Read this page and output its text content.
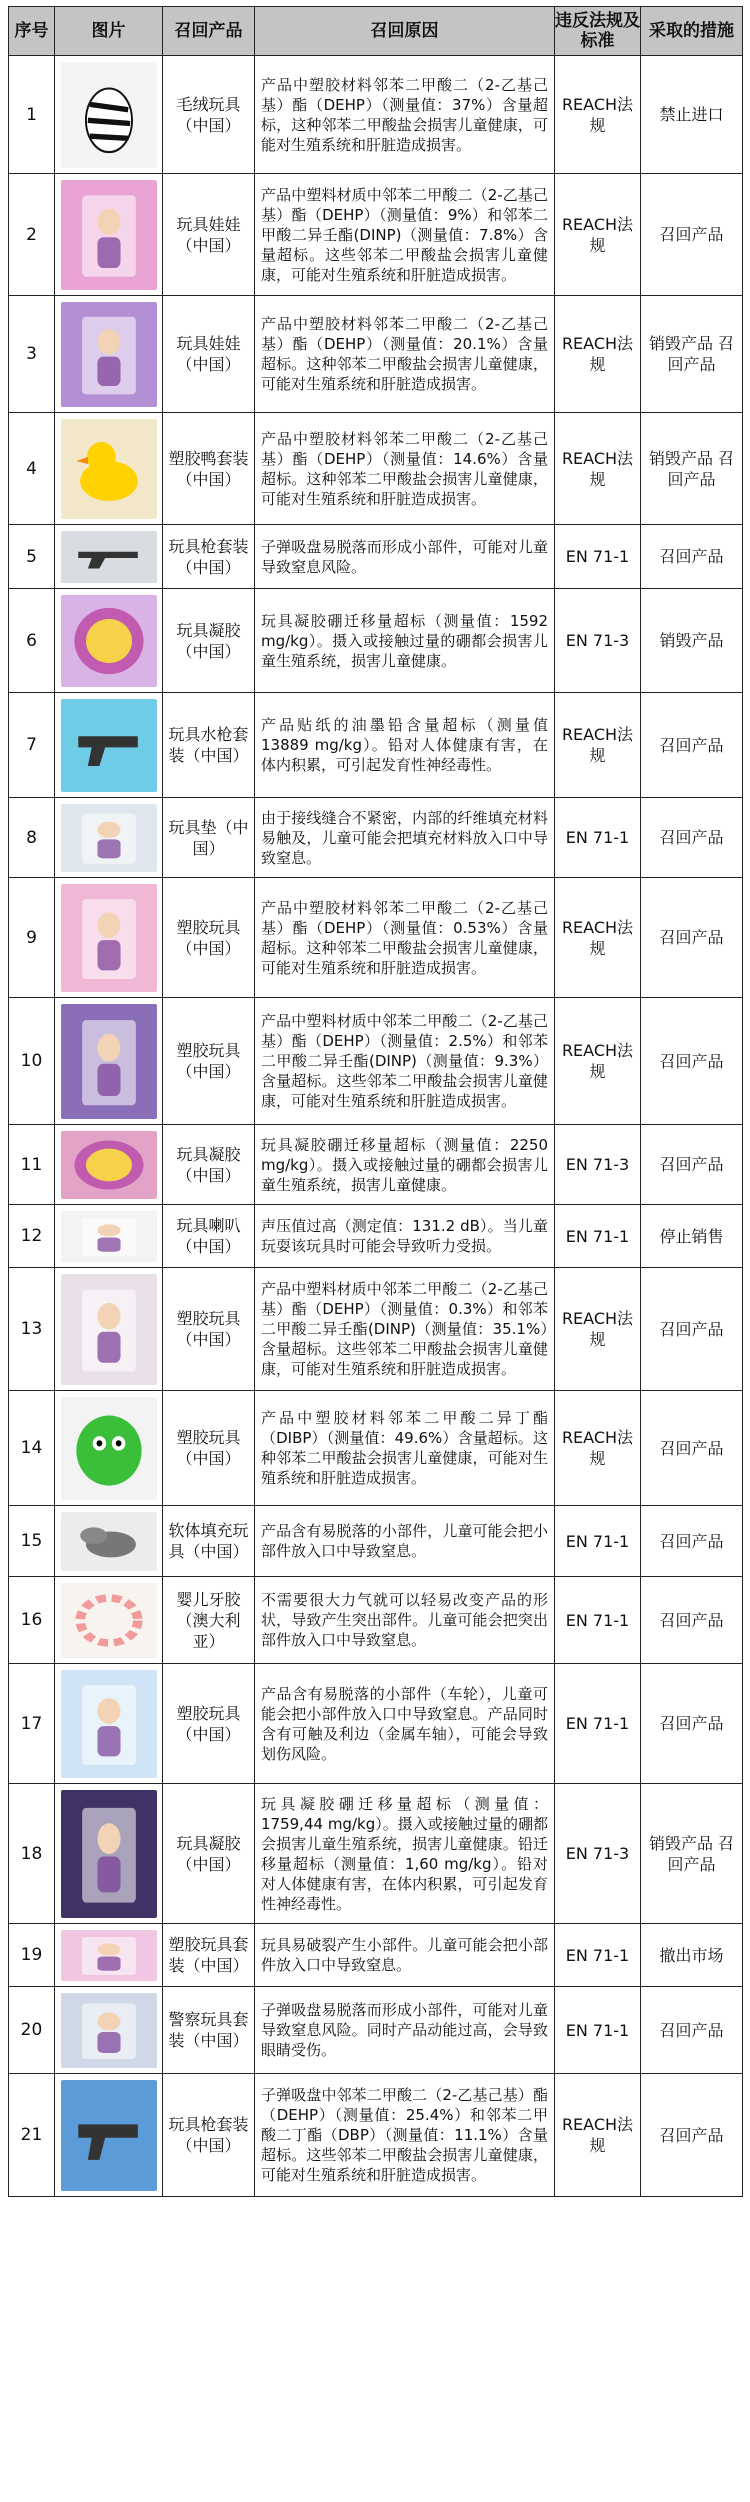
序号	图片	召回产品	召回原因	违反法规及标准	采取的措施
1		毛绒玩具（中国）	产品中塑胶材料邻苯二甲酸二（2-乙基己基）酯（DEHP）（测量值：37%）含量超标，这种邻苯二甲酸盐会损害儿童健康，可能对生殖系统和肝脏造成损害。	REACH法规	禁止进口
2		玩具娃娃（中国）	产品中塑料材质中邻苯二甲酸二（2-乙基己基）酯（DEHP）（测量值：9%）和邻苯二甲酸二异壬酯(DINP)（测量值：7.8%）含量超标。这些邻苯二甲酸盐会损害儿童健康，可能对生殖系统和肝脏造成损害。	REACH法规	召回产品
3		玩具娃娃（中国）	产品中塑胶材料邻苯二甲酸二（2-乙基己基）酯（DEHP）（测量值：20.1%）含量超标。这种邻苯二甲酸盐会损害儿童健康，可能对生殖系统和肝脏造成损害。	REACH法规	销毁产品 召回产品
4		塑胶鸭套装（中国）	产品中塑胶材料邻苯二甲酸二（2-乙基己基）酯（DEHP）（测量值：14.6%）含量超标。这种邻苯二甲酸盐会损害儿童健康，可能对生殖系统和肝脏造成损害。	REACH法规	销毁产品 召回产品
5		玩具枪套装（中国）	子弹吸盘易脱落而形成小部件，可能对儿童导致窒息风险。	EN 71-1	召回产品
6		玩具凝胶（中国）	玩具凝胶硼迁移量超标（测量值：1592 mg/kg）。摄入或接触过量的硼都会损害儿童生殖系统，损害儿童健康。	EN 71-3	销毁产品
7		玩具水枪套装（中国）	产品贴纸的油墨铅含量超标（测量值13889 mg/kg）。铅对人体健康有害，在体内积累，可引起发育性神经毒性。	REACH法规	召回产品
8		玩具垫（中国）	由于接线缝合不紧密，内部的纤维填充材料易触及，儿童可能会把填充材料放入口中导致窒息。	EN 71-1	召回产品
9		塑胶玩具（中国）	产品中塑胶材料邻苯二甲酸二（2-乙基己基）酯（DEHP）（测量值：0.53%）含量超标。这种邻苯二甲酸盐会损害儿童健康，可能对生殖系统和肝脏造成损害。	REACH法规	召回产品
10		塑胶玩具（中国）	产品中塑料材质中邻苯二甲酸二（2-乙基己基）酯（DEHP）（测量值：2.5%）和邻苯二甲酸二异壬酯(DINP)（测量值：9.3%）含量超标。这些邻苯二甲酸盐会损害儿童健康，可能对生殖系统和肝脏造成损害。	REACH法规	召回产品
11		玩具凝胶（中国）	玩具凝胶硼迁移量超标（测量值：2250 mg/kg）。摄入或接触过量的硼都会损害儿童生殖系统，损害儿童健康。	EN 71-3	召回产品
12		玩具喇叭（中国）	声压值过高（测定值：131.2 dB）。当儿童玩耍该玩具时可能会导致听力受损。	EN 71-1	停止销售
13		塑胶玩具（中国）	产品中塑料材质中邻苯二甲酸二（2-乙基己基）酯（DEHP）（测量值：0.3%）和邻苯二甲酸二异壬酯(DINP)（测量值：35.1%）含量超标。这些邻苯二甲酸盐会损害儿童健康，可能对生殖系统和肝脏造成损害。	REACH法规	召回产品
14		塑胶玩具（中国）	产品中塑胶材料邻苯二甲酸二异丁酯（DIBP）（测量值：49.6%）含量超标。这种邻苯二甲酸盐会损害儿童健康，可能对生殖系统和肝脏造成损害。	REACH法规	召回产品
15		软体填充玩具（中国）	产品含有易脱落的小部件，儿童可能会把小部件放入口中导致窒息。	EN 71-1	召回产品
16		婴儿牙胶（澳大利亚）	不需要很大力气就可以轻易改变产品的形状，导致产生突出部件。儿童可能会把突出部件放入口中导致窒息。	EN 71-1	召回产品
17		塑胶玩具（中国）	产品含有易脱落的小部件（车轮），儿童可能会把小部件放入口中导致窒息。产品同时含有可触及利边（金属车轴），可能会导致划伤风险。	EN 71-1	召回产品
18		玩具凝胶（中国）	玩具凝胶硼迁移量超标（测量值：1759,44 mg/kg）。摄入或接触过量的硼都会损害儿童生殖系统，损害儿童健康。铅迁移量超标（测量值：1,60 mg/kg）。铅对对人体健康有害，在体内积累，可引起发育性神经毒性。	EN 71-3	销毁产品 召回产品
19		塑胶玩具套装（中国）	玩具易破裂产生小部件。儿童可能会把小部件放入口中导致窒息。	EN 71-1	撤出市场
20		警察玩具套装（中国）	子弹吸盘易脱落而形成小部件，可能对儿童导致窒息风险。同时产品动能过高，会导致眼睛受伤。	EN 71-1	召回产品
21		玩具枪套装（中国）	子弹吸盘中邻苯二甲酸二（2-乙基己基）酯（DEHP）（测量值：25.4%）和邻苯二甲酸二丁酯（DBP）（测量值：11.1%）含量超标。这些邻苯二甲酸盐会损害儿童健康，可能对生殖系统和肝脏造成损害。	REACH法规	召回产品
